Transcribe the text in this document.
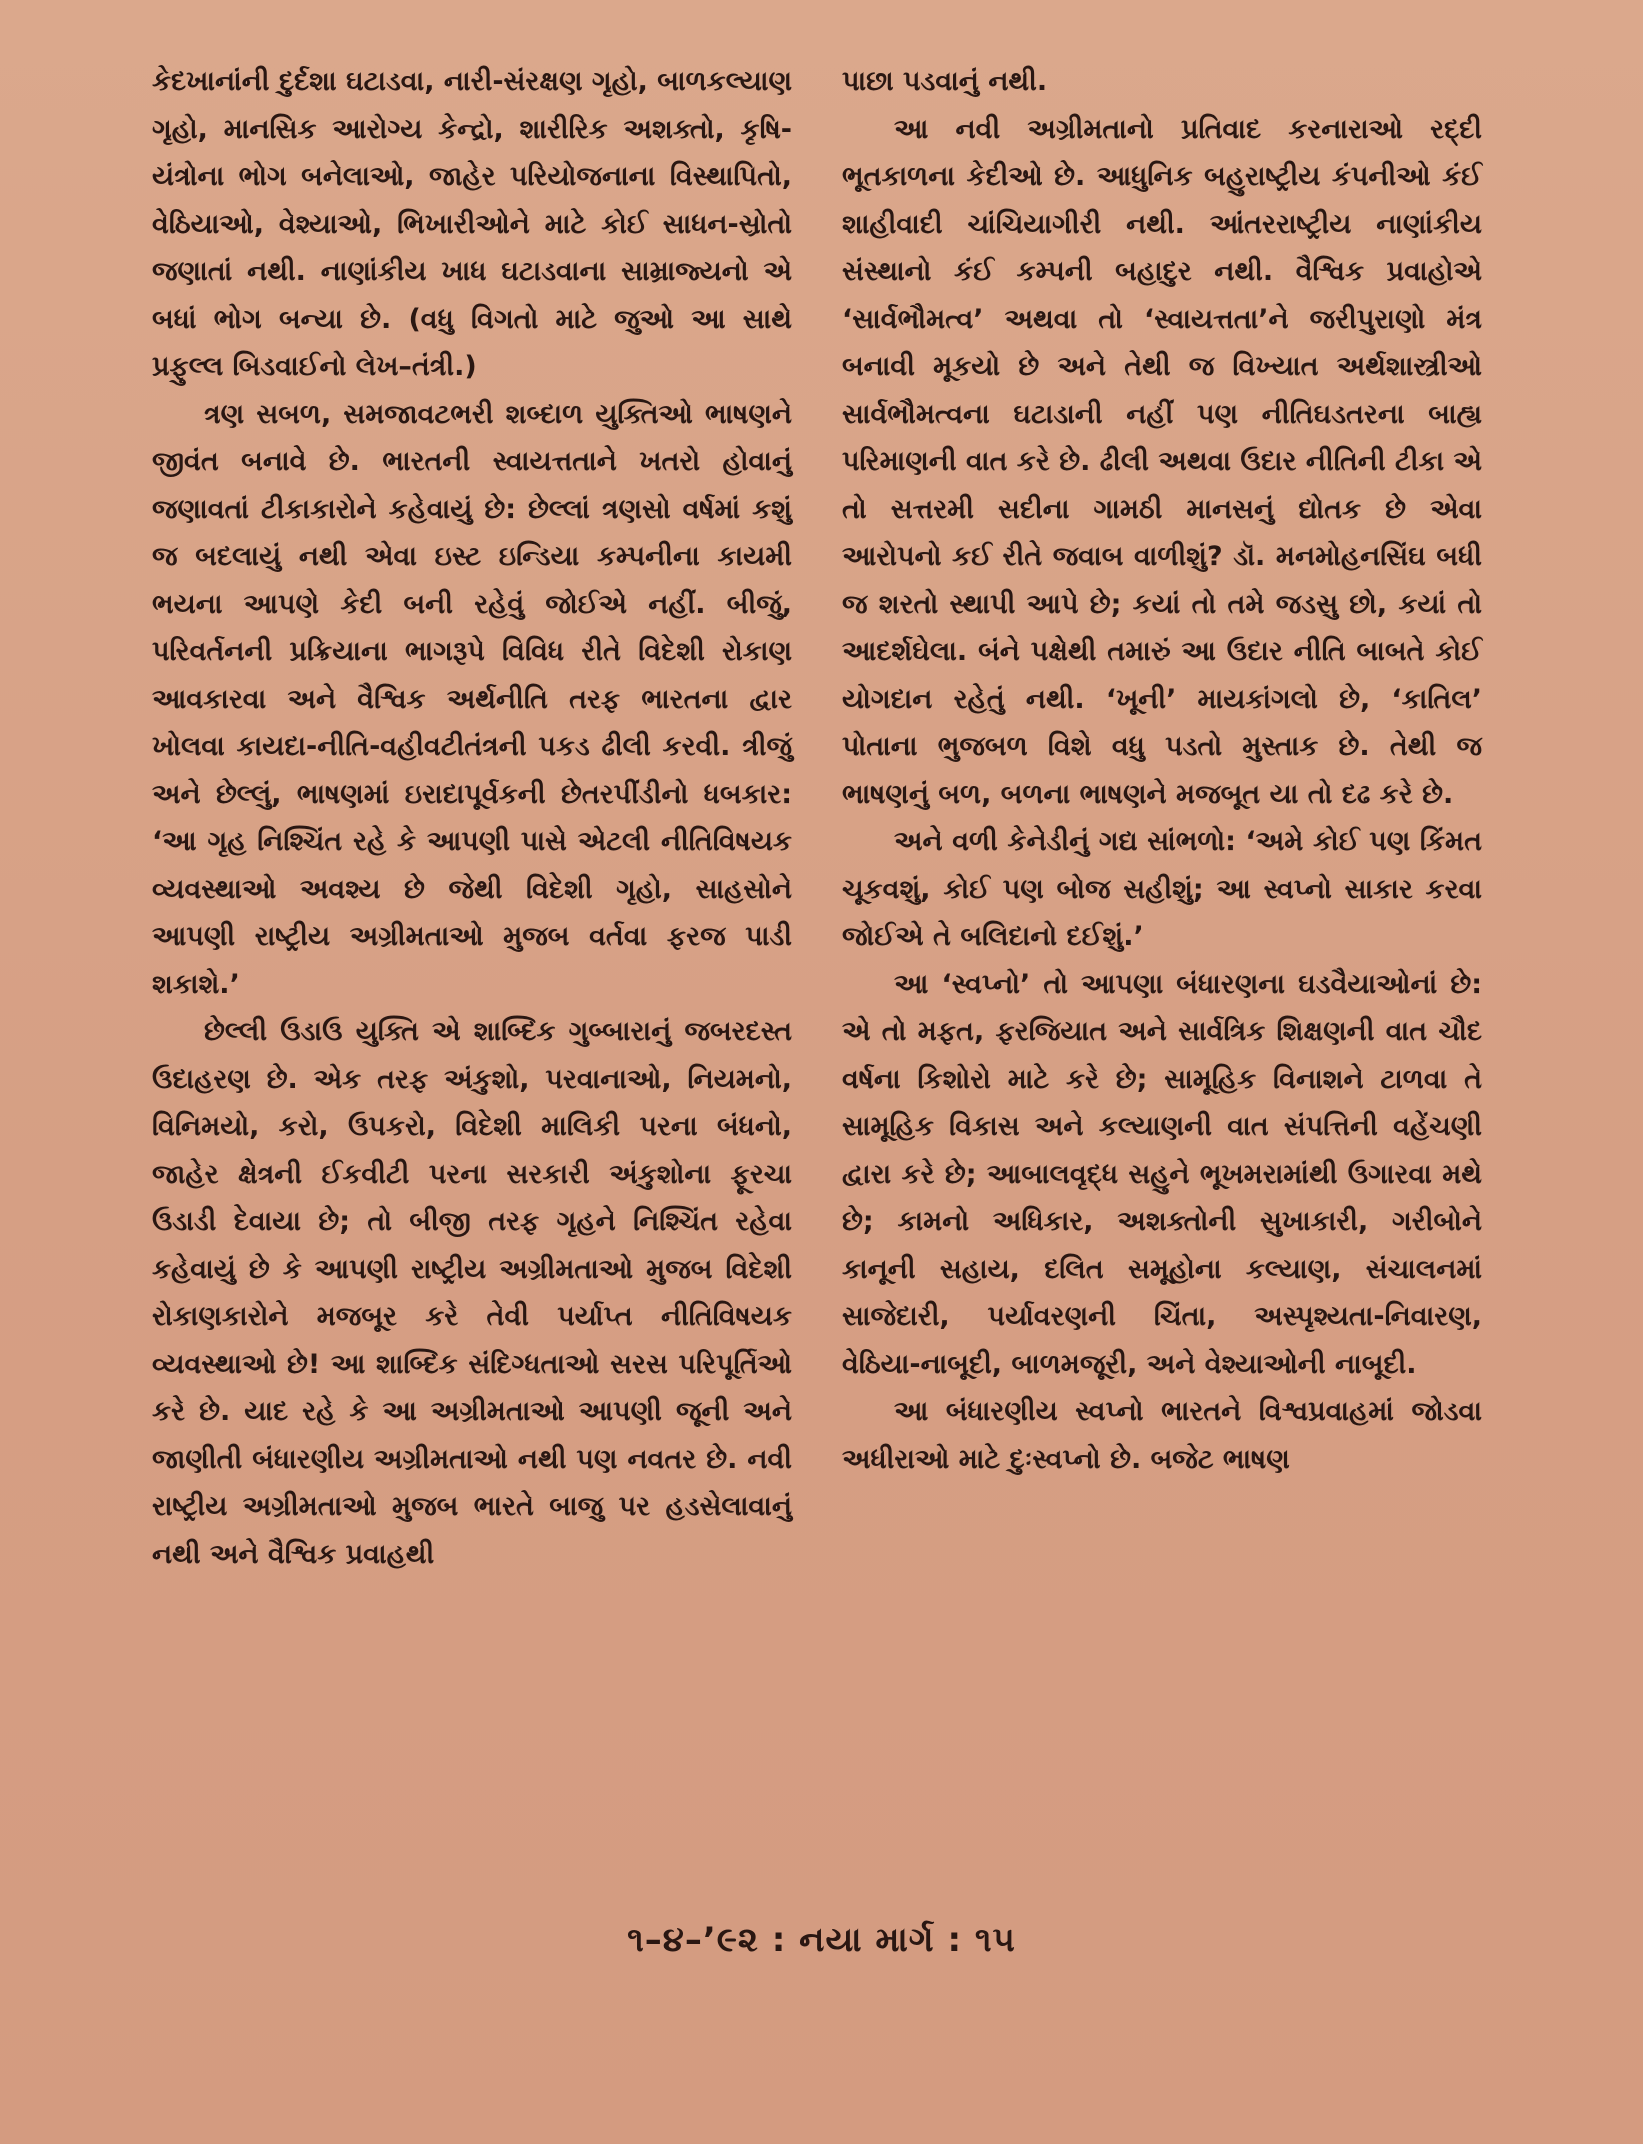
કેદખાનાંની દુર્દશા ઘટાડવા, નારી-સંરક્ષણ ગૃહો, બાળકલ્યાણ ગૃહો, માનસિક આરોગ્ય કેન્દ્રો, શારીરિક અશક્તો, કૃષિ-યંત્રોના ભોગ બનેલાઓ, જાહેર પરિયોજનાના વિસ્થાપિતો, વેઠિયાઓ, વેશ્યાઓ, ભિખારીઓને માટે કોઈ સાધન-સ્રોતો જણાતાં નથી. નાણાંકીય ખાધ ઘટાડવાના સામ્રાજ્યનો એ બધાં ભોગ બન્યા છે. (વધુ વિગતો માટે જુઓ આ સાથે પ્રફુલ્લ બિડવાઈનો લેખ–તંત્રી.)

ત્રણ સબળ, સમજાવટભરી શબ્દાળ યુક્તિઓ ભાષણને જીવંત બનાવે છે. ભારતની સ્વાયત્તતાને ખતરો હોવાનું જણાવતાં ટીકાકારોને કહેવાયું છે: છેલ્લાં ત્રણસો વર્ષમાં કશું જ બદલાયું નથી એવા ઇસ્ટ ઇન્ડિયા કમ્પનીના કાયમી ભયના આપણે કેદી બની રહેવું જોઈએ નહીં. બીજું, પરિવર્તનની પ્રક્રિયાના ભાગરૂપે વિવિધ રીતે વિદેશી રોકાણ આવકારવા અને વૈશ્વિક અર્થનીતિ તરફ ભારતના દ્વાર ખોલવા કાયદા-નીતિ-વહીવટીતંત્રની પકડ ઢીલી કરવી. ત્રીજું અને છેલ્લું, ભાષણમાં ઇરાદાપૂર્વકની છેતરપીંડીનો ધબકાર: ‘આ ગૃહ નિશ્ચિંત રહે કે આપણી પાસે એટલી નીતિવિષયક વ્યવસ્થાઓ અવશ્ય છે જેથી વિદેશી ગૃહો, સાહસોને આપણી રાષ્ટ્રીય અગ્રીમતાઓ મુજબ વર્તવા ફરજ પાડી શકાશે.’

છેલ્લી ઉડાઉ યુક્તિ એ શાબ્દિક ગુબ્બારાનું જબરદસ્ત ઉદાહરણ છે. એક તરફ અંકુશો, પરવાનાઓ, નિયમનો, વિનિમયો, કરો, ઉપકરો, વિદેશી માલિકી પરના બંધનો, જાહેર ક્ષેત્રની ઈકવીટી પરના સરકારી અંકુશોના ફૂરચા ઉડાડી દેવાયા છે; તો બીજી તરફ ગૃહને નિશ્ચિંત રહેવા કહેવાયું છે કે આપણી રાષ્ટ્રીય અગ્રીમતાઓ મુજબ વિદેશી રોકાણકારોને મજબૂર કરે તેવી પર્યાપ્ત નીતિવિષયક વ્યવસ્થાઓ છે! આ શાબ્દિક સંદિગ્ધતાઓ સરસ પરિપૂર્તિઓ કરે છે. યાદ રહે કે આ અગ્રીમતાઓ આપણી જૂની અને જાણીતી બંધારણીય અગ્રીમતાઓ નથી પણ નવતર છે. નવી રાષ્ટ્રીય અગ્રીમતાઓ મુજબ ભારતે બાજુ પર હડસેલાવાનું નથી અને વૈશ્વિક પ્રવાહથી

પાછા પડવાનું નથી.

આ નવી અગ્રીમતાનો પ્રતિવાદ કરનારાઓ રદ્દી ભૂતકાળના કેદીઓ છે. આધુનિક બહુરાષ્ટ્રીય કંપનીઓ કંઈ શાહીવાદી ચાંચિયાગીરી નથી. આંતરરાષ્ટ્રીય નાણાંકીય સંસ્થાનો કંઈ કમ્પની બહાદુર નથી. વૈશ્વિક પ્રવાહોએ ‘સાર્વભૌમત્વ’ અથવા તો ‘સ્વાયત્તતા’ને જરીપુરાણો મંત્ર બનાવી મૂકયો છે અને તેથી જ વિખ્યાત અર્થશાસ્ત્રીઓ સાર્વભૌમત્વના ઘટાડાની નહીં પણ નીતિઘડતરના બાહ્ય પરિમાણની વાત કરે છે. ઢીલી અથવા ઉદાર નીતિની ટીકા એ તો સત્તરમી સદીના ગામઠી માનસનું દ્યોતક છે એવા આરોપનો કઈ રીતે જવાબ વાળીશું? ડૉ. મનમોહનસિંઘ બધી જ શરતો સ્થાપી આપે છે; કયાં તો તમે જડસુ છો, કયાં તો આદર્શઘેલા. બંને પક્ષેથી તમારું આ ઉદાર નીતિ બાબતે કોઈ યોગદાન રહેતું નથી. ‘ખૂની’ માયકાંગલો છે, ‘કાતિલ’ પોતાના ભુજબળ વિશે વધુ પડતો મુસ્તાક છે. તેથી જ ભાષણનું બળ, બળના ભાષણને મજબૂત યા તો દઢ કરે છે.

અને વળી કેનેડીનું ગદ્ય સાંભળો: ‘અમે કોઈ પણ કિંમત ચૂકવશું, કોઈ પણ બોજ સહીશું; આ સ્વપ્નો સાકાર કરવા જોઈએ તે બલિદાનો દઈશું.’

આ ‘સ્વપ્નો’ તો આપણા બંધારણના ઘડવૈયાઓનાં છે: એ તો મફત, ફરજિયાત અને સાર્વત્રિક શિક્ષણની વાત ચૌદ વર્ષના કિશોરો માટે કરે છે; સામૂહિક વિનાશને ટાળવા તે સામૂહિક વિકાસ અને કલ્યાણની વાત સંપત્તિની વહેંચણી દ્વારા કરે છે; આબાલવૃદ્ધ સહુને ભૂખમરામાંથી ઉગારવા મથે છે; કામનો અધિકાર, અશક્તોની સુખાકારી, ગરીબોને કાનૂની સહાય, દલિત સમૂહોના કલ્યાણ, સંચાલનમાં સાજેદારી, પર્યાવરણની ચિંતા, અસ્પૃશ્યતા-નિવારણ, વેઠિયા-નાબૂદી, બાળમજૂરી, અને વેશ્યાઓની નાબૂદી.

આ બંધારણીય સ્વપ્નો ભારતને વિશ્વપ્રવાહમાં જોડવા અધીરાઓ માટે દુઃસ્વપ્નો છે. બજેટ ભાષણ

૧–૪–’૯૨ : નયા માર્ગ : ૧૫
